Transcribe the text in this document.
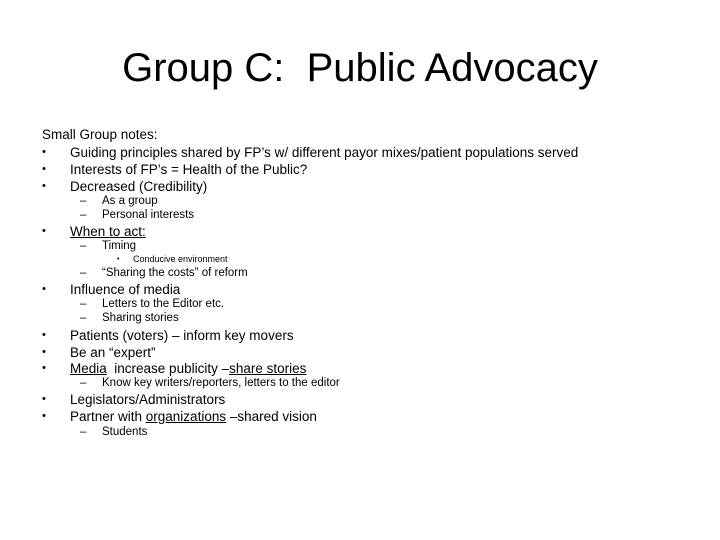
Group C:  Public Advocacy
Small Group notes:
• Guiding principles shared by FP’s w/ different payor mixes/patient populations served
• Interests of FP’s = Health of the Public?
• Decreased (Credibility)
– As a group
– Personal interests
• When to act:
– Timing
• Conducive environment
– “Sharing the costs” of reform
• Influence of media
– Letters to the Editor etc.
– Sharing stories
• Patients (voters) – inform key movers
• Be an “expert”
• Media  increase publicity –share stories
– Know key writers/reporters, letters to the editor
• Legislators/Administrators
• Partner with organizations –shared vision
– Students
